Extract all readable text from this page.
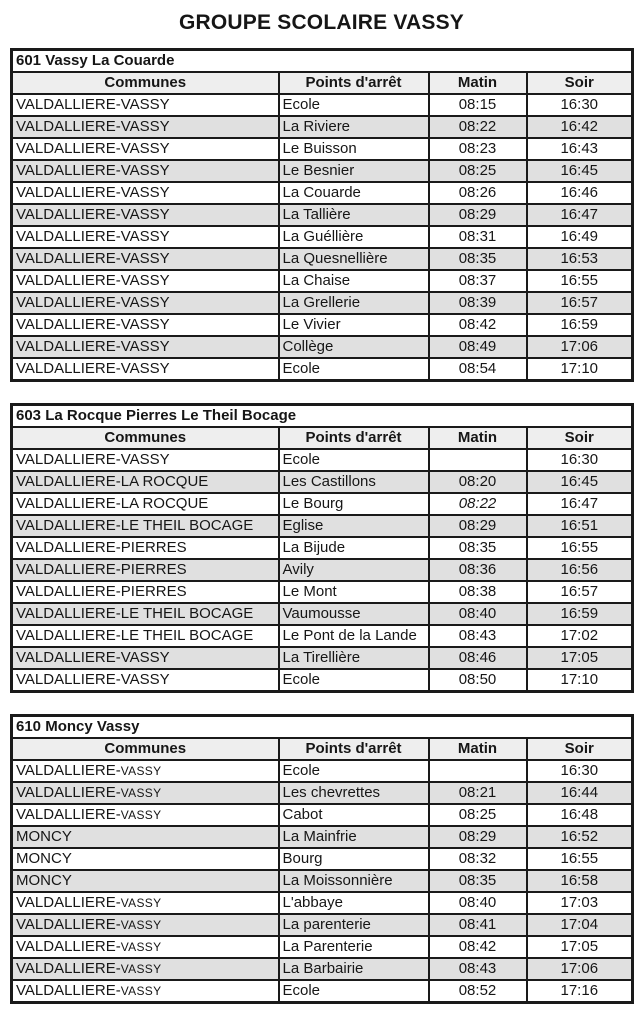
GROUPE SCOLAIRE VASSY
601 Vassy La Couarde			
Communes	Points d'arrêt	Matin	Soir
VALDALLIERE-VASSY	Ecole	08:15	16:30
VALDALLIERE-VASSY	La Riviere	08:22	16:42
VALDALLIERE-VASSY	Le Buisson	08:23	16:43
VALDALLIERE-VASSY	Le Besnier	08:25	16:45
VALDALLIERE-VASSY	La Couarde	08:26	16:46
VALDALLIERE-VASSY	La Tallière	08:29	16:47
VALDALLIERE-VASSY	La Guéllière	08:31	16:49
VALDALLIERE-VASSY	La Quesnellière	08:35	16:53
VALDALLIERE-VASSY	La Chaise	08:37	16:55
VALDALLIERE-VASSY	La Grellerie	08:39	16:57
VALDALLIERE-VASSY	Le Vivier	08:42	16:59
VALDALLIERE-VASSY	Collège	08:49	17:06
VALDALLIERE-VASSY	Ecole	08:54	17:10
603 La Rocque Pierres Le Theil Bocage			
Communes	Points d'arrêt	Matin	Soir
VALDALLIERE-VASSY	Ecole		16:30
VALDALLIERE-LA ROCQUE	Les Castillons	08:20	16:45
VALDALLIERE-LA ROCQUE	Le Bourg	08:22	16:47
VALDALLIERE-LE THEIL BOCAGE	Eglise	08:29	16:51
VALDALLIERE-PIERRES	La Bijude	08:35	16:55
VALDALLIERE-PIERRES	Avily	08:36	16:56
VALDALLIERE-PIERRES	Le Mont	08:38	16:57
VALDALLIERE-LE THEIL BOCAGE	Vaumousse	08:40	16:59
VALDALLIERE-LE THEIL BOCAGE	Le Pont de la Lande	08:43	17:02
VALDALLIERE-VASSY	La Tirellière	08:46	17:05
VALDALLIERE-VASSY	Ecole	08:50	17:10
610 Moncy Vassy			
Communes	Points d'arrêt	Matin	Soir
VALDALLIERE-VASSY	Ecole		16:30
VALDALLIERE-VASSY	Les chevrettes	08:21	16:44
VALDALLIERE-VASSY	Cabot	08:25	16:48
MONCY	La Mainfrie	08:29	16:52
MONCY	Bourg	08:32	16:55
MONCY	La Moissonnière	08:35	16:58
VALDALLIERE-VASSY	L'abbaye	08:40	17:03
VALDALLIERE-VASSY	La parenterie	08:41	17:04
VALDALLIERE-VASSY	La Parenterie	08:42	17:05
VALDALLIERE-VASSY	La Barbairie	08:43	17:06
VALDALLIERE-VASSY	Ecole	08:52	17:16
